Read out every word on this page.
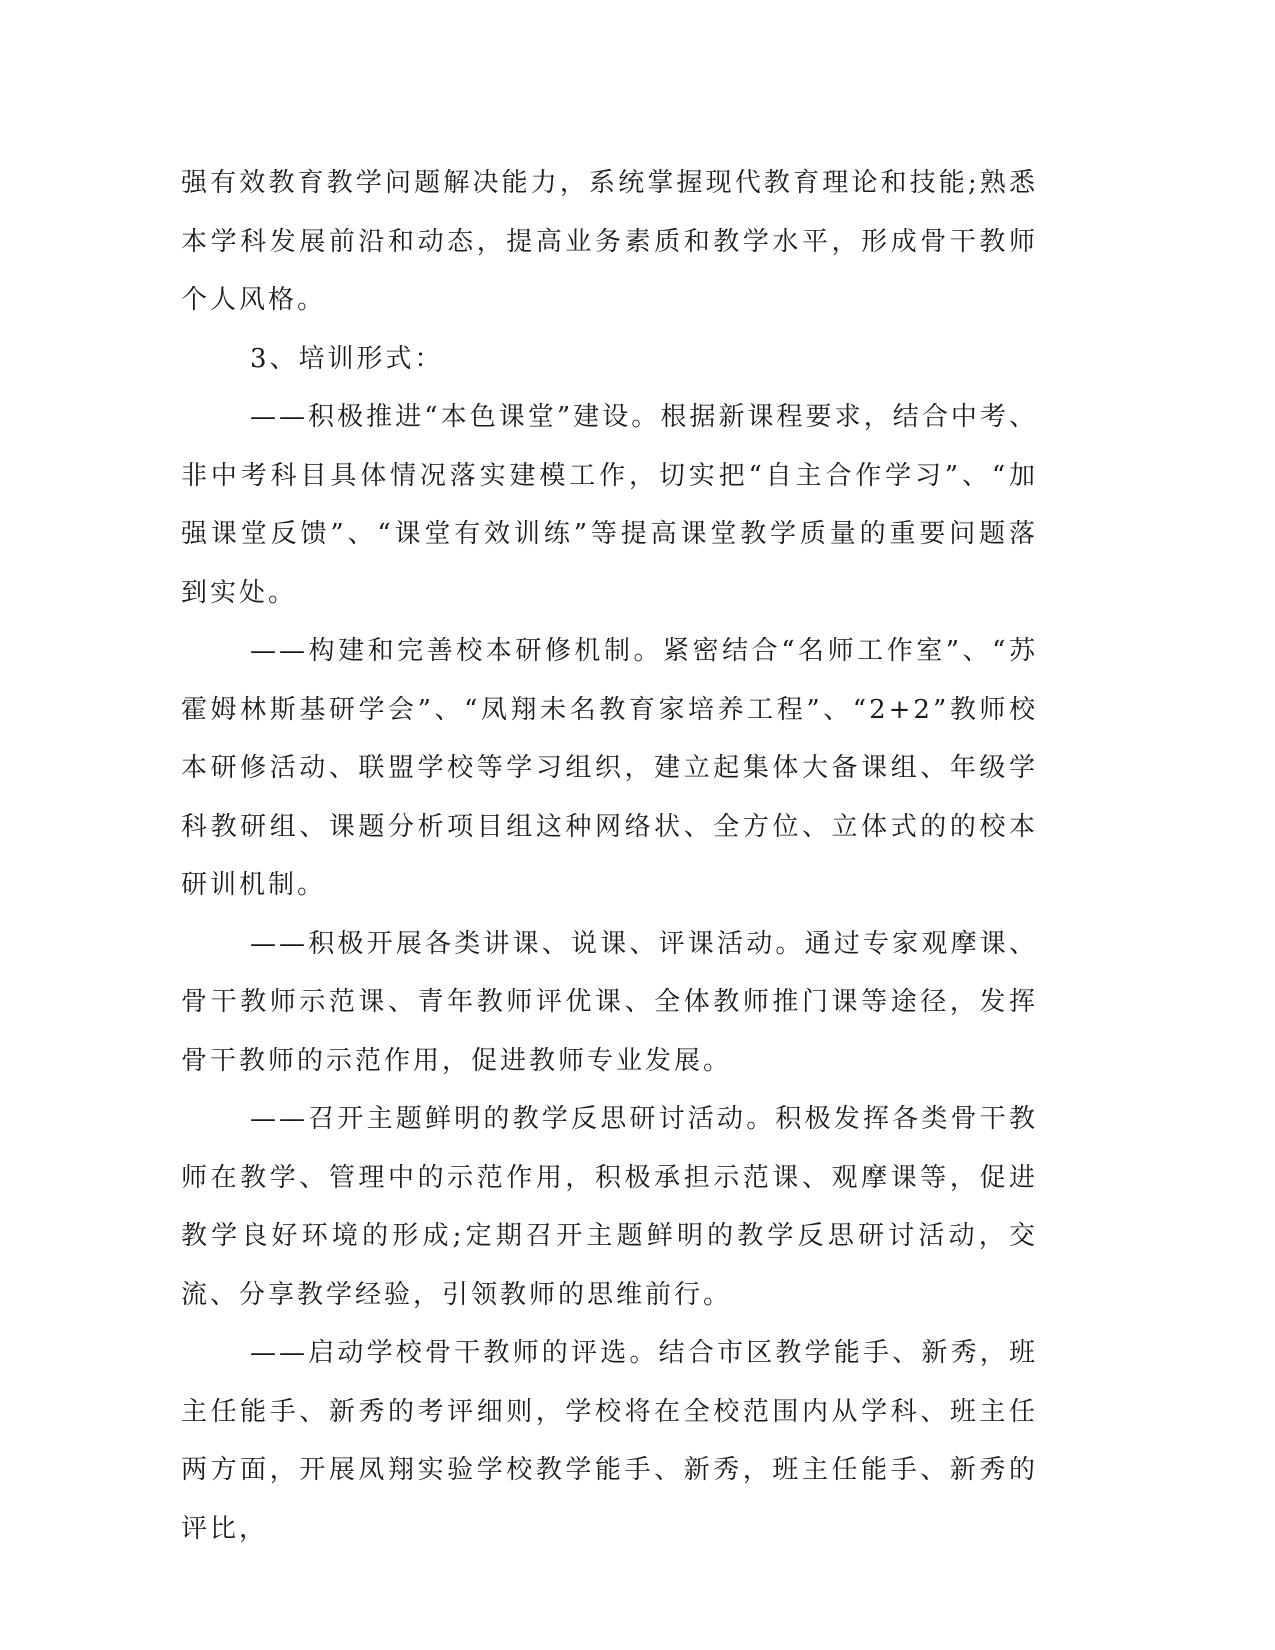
强有效教育教学问题解决能力，系统掌握现代教育理论和技能;熟悉本学科发展前沿和动态，提高业务素质和教学水平，形成骨干教师个人风格。

3、培训形式：

——积极推进“本色课堂”建设。根据新课程要求，结合中考、非中考科目具体情况落实建模工作，切实把“自主合作学习”、“加强课堂反馈”、“课堂有效训练”等提高课堂教学质量的重要问题落到实处。

——构建和完善校本研修机制。紧密结合“名师工作室”、“苏霍姆林斯基研学会”、“凤翔未名教育家培养工程”、“2+2”教师校本研修活动、联盟学校等学习组织，建立起集体大备课组、年级学科教研组、课题分析项目组这种网络状、全方位、立体式的的校本研训机制。

——积极开展各类讲课、说课、评课活动。通过专家观摩课、骨干教师示范课、青年教师评优课、全体教师推门课等途径，发挥骨干教师的示范作用，促进教师专业发展。

——召开主题鲜明的教学反思研讨活动。积极发挥各类骨干教师在教学、管理中的示范作用，积极承担示范课、观摩课等，促进教学良好环境的形成;定期召开主题鲜明的教学反思研讨活动，交流、分享教学经验，引领教师的思维前行。

——启动学校骨干教师的评选。结合市区教学能手、新秀，班主任能手、新秀的考评细则，学校将在全校范围内从学科、班主任两方面，开展凤翔实验学校教学能手、新秀，班主任能手、新秀的评比，
